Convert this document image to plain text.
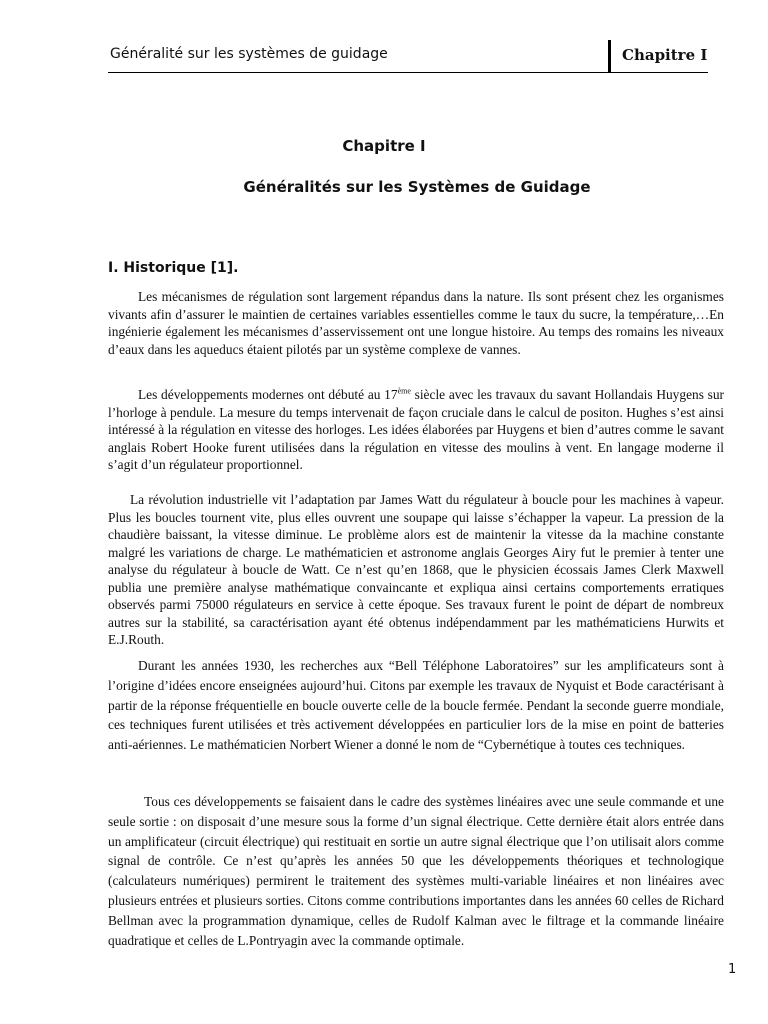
Généralité sur les systèmes de guidage	Chapitre I
Chapitre I
Généralités sur les Systèmes de Guidage
I. Historique [1].
Les mécanismes de régulation sont largement répandus dans la nature. Ils sont présent chez les organismes vivants afin d’assurer le maintien de certaines variables essentielles comme le taux du sucre, la température,…En ingénierie également les mécanismes d’asservissement ont une longue histoire. Au temps des romains les niveaux d’eaux dans les aqueducs étaient pilotés par un système complexe de vannes.
Les développements modernes ont débuté au 17ème siècle avec les travaux du savant Hollandais Huygens sur l’horloge à pendule. La mesure du temps intervenait de façon cruciale dans le calcul de positon. Hughes s’est ainsi intéressé à la régulation en vitesse des horloges. Les idées élaborées par Huygens et bien d’autres comme le savant anglais Robert Hooke furent utilisées dans la régulation en vitesse des moulins à vent. En langage moderne il s’agit d’un régulateur proportionnel.
La révolution industrielle vit l’adaptation par James Watt du régulateur à boucle pour les machines à vapeur. Plus les boucles tournent vite, plus elles ouvrent une soupape qui laisse s’échapper la vapeur. La pression de la chaudière baissant, la vitesse diminue. Le problème alors est de maintenir la vitesse da la machine constante malgré les variations de charge. Le mathématicien et astronome anglais Georges Airy fut le premier à tenter une analyse du régulateur à boucle de Watt. Ce n’est qu’en 1868, que le physicien écossais James Clerk Maxwell publia une première analyse mathématique convaincante et expliqua ainsi certains comportements erratiques observés parmi 75000 régulateurs en service à cette époque. Ses travaux furent le point de départ de nombreux autres sur la stabilité, sa caractérisation ayant été obtenus indépendamment par les mathématiciens Hurwits et E.J.Routh.
Durant les années 1930, les recherches aux “Bell Téléphone Laboratoires” sur les amplificateurs sont à l’origine d’idées encore enseignées aujourd’hui. Citons par exemple les travaux de Nyquist et Bode caractérisant à partir de la réponse fréquentielle en boucle ouverte celle de la boucle fermée. Pendant la seconde guerre mondiale, ces techniques furent utilisées et très activement développées en particulier lors de la mise en point de batteries anti-aériennes. Le mathématicien Norbert Wiener a donné le nom de “Cybernétique à toutes ces techniques.
Tous ces développements se faisaient dans le cadre des systèmes linéaires avec une seule commande et une seule sortie : on disposait d’une mesure sous la forme d’un signal électrique. Cette dernière était alors entrée dans un amplificateur (circuit électrique) qui restituait en sortie un autre signal électrique que l’on utilisait alors comme signal de contrôle. Ce n’est qu’après les années 50 que les développements théoriques et technologique (calculateurs numériques) permirent le traitement des systèmes multi-variable linéaires et non linéaires avec plusieurs entrées et plusieurs sorties. Citons comme contributions importantes dans les années 60 celles de Richard Bellman avec la programmation dynamique, celles de Rudolf Kalman avec le filtrage et la commande linéaire quadratique et celles de L.Pontryagin avec la commande optimale.
1
